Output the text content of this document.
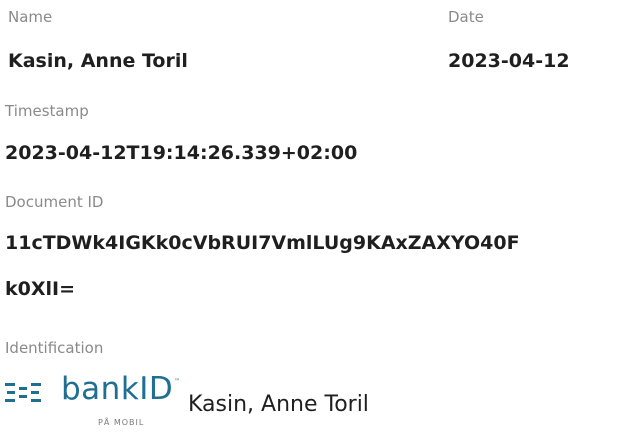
Name	Date
Kasin, Anne Toril	2023-04-12
Timestamp
2023-04-12T19:14:26.339+02:00
Document ID
11cTDWk4IGKk0cVbRUI7VmlLUg9KAxZAXYO40F
k0XlI=
Identification
bankID ™
PÅ MOBIL
Kasin, Anne Toril
